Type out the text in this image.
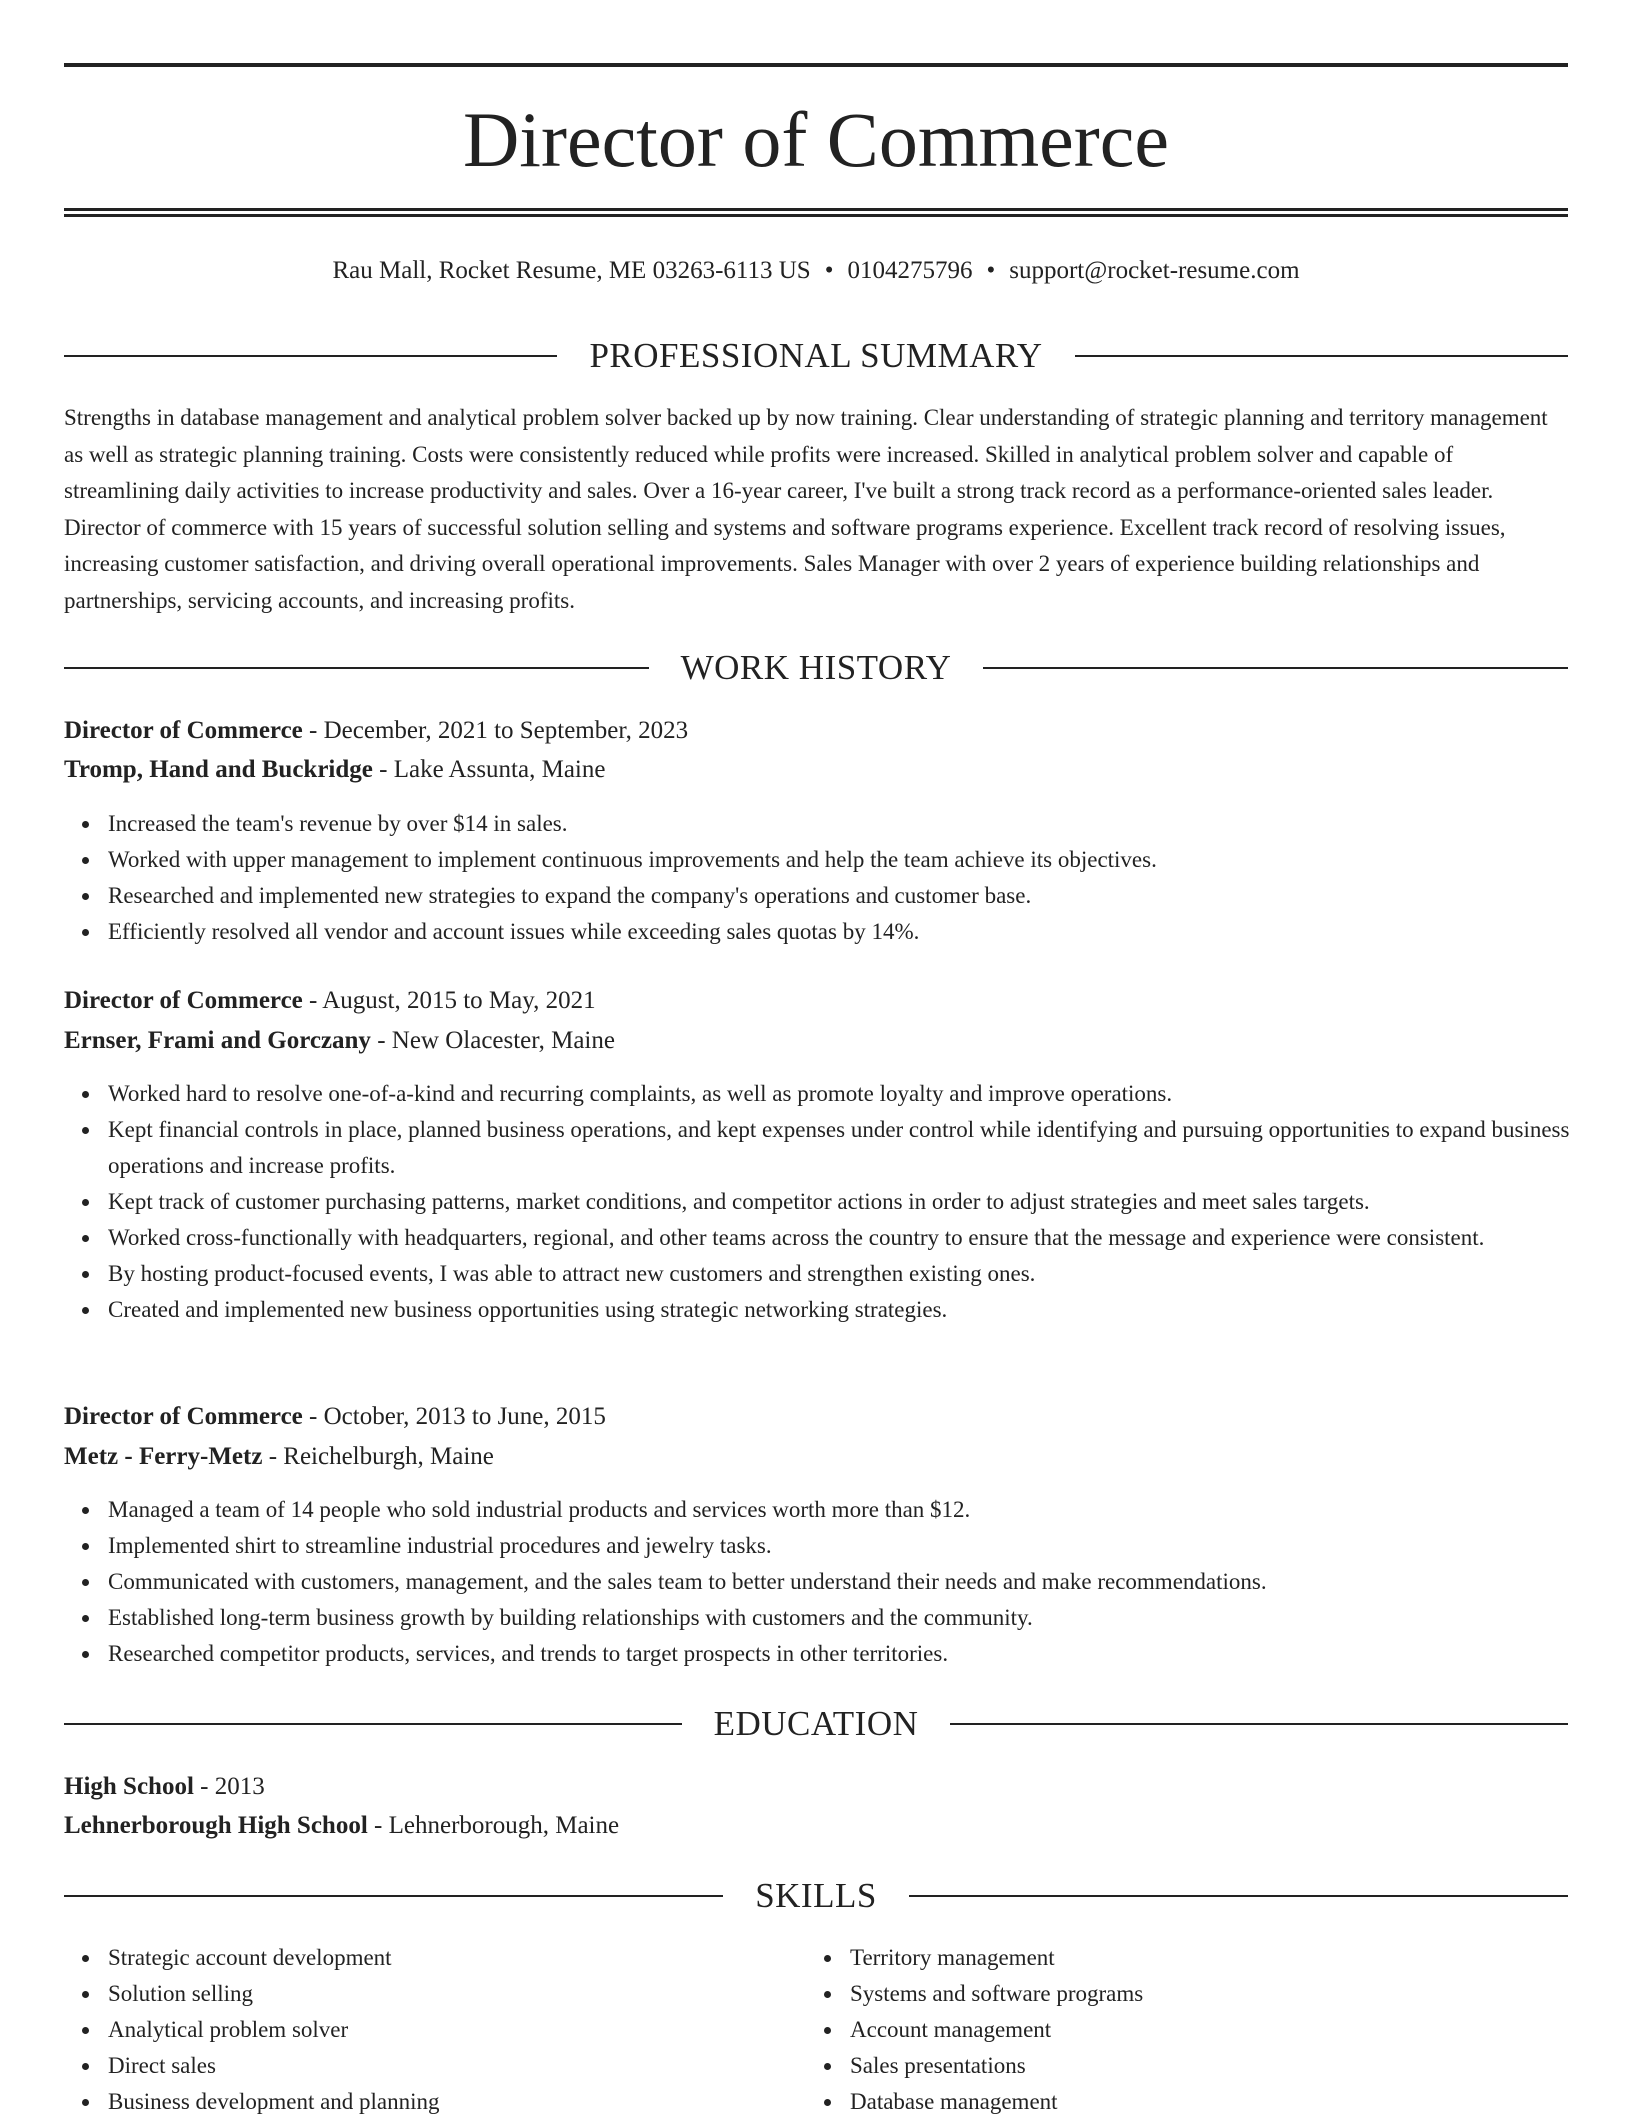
Director of Commerce
Rau Mall, Rocket Resume, ME 03263-6113 US • 0104275796 • support@rocket-resume.com
PROFESSIONAL SUMMARY

Strengths in database management and analytical problem solver backed up by now training. Clear understanding of strategic planning and territory management as well as strategic planning training. Costs were consistently reduced while profits were increased. Skilled in analytical problem solver and capable of streamlining daily activities to increase productivity and sales. Over a 16-year career, I've built a strong track record as a performance-oriented sales leader. Director of commerce with 15 years of successful solution selling and systems and software programs experience. Excellent track record of resolving issues, increasing customer satisfaction, and driving overall operational improvements. Sales Manager with over 2 years of experience building relationships and partnerships, servicing accounts, and increasing profits.

WORK HISTORY
Director of Commerce - December, 2021 to September, 2023
Tromp, Hand and Buckridge - Lake Assunta, Maine
Increased the team's revenue by over $14 in sales.
Worked with upper management to implement continuous improvements and help the team achieve its objectives.
Researched and implemented new strategies to expand the company's operations and customer base.
Efficiently resolved all vendor and account issues while exceeding sales quotas by 14%.
Director of Commerce - August, 2015 to May, 2021
Ernser, Frami and Gorczany - New Olacester, Maine
Worked hard to resolve one-of-a-kind and recurring complaints, as well as promote loyalty and improve operations.
Kept financial controls in place, planned business operations, and kept expenses under control while identifying and pursuing opportunities to expand business operations and increase profits.
Kept track of customer purchasing patterns, market conditions, and competitor actions in order to adjust strategies and meet sales targets.
Worked cross-functionally with headquarters, regional, and other teams across the country to ensure that the message and experience were consistent.
By hosting product-focused events, I was able to attract new customers and strengthen existing ones.
Created and implemented new business opportunities using strategic networking strategies.
Director of Commerce - October, 2013 to June, 2015
Metz - Ferry-Metz - Reichelburgh, Maine
Managed a team of 14 people who sold industrial products and services worth more than $12.
Implemented shirt to streamline industrial procedures and jewelry tasks.
Communicated with customers, management, and the sales team to better understand their needs and make recommendations.
Established long-term business growth by building relationships with customers and the community.
Researched competitor products, services, and trends to target prospects in other territories.
EDUCATION
High School - 2013
Lehnerborough High School - Lehnerborough, Maine
SKILLS
Strategic account development
Solution selling
Analytical problem solver
Direct sales
Business development and planning
Territory management
Systems and software programs
Account management
Sales presentations
Database management
